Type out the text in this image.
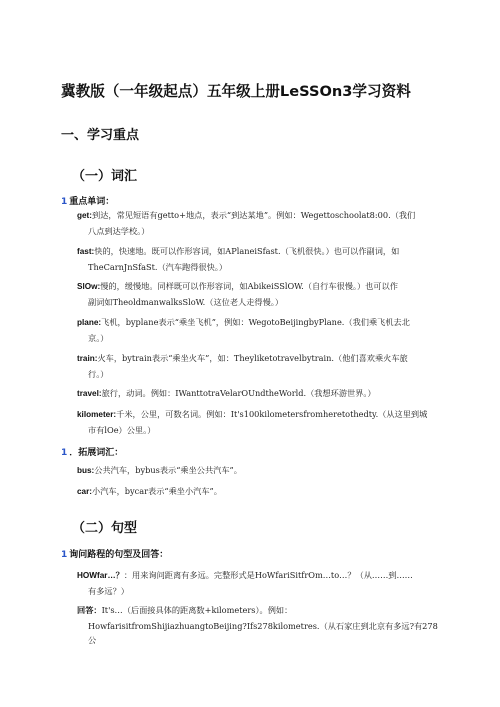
冀教版（一年级起点）五年级上册LeSSOn3学习资料
一、学习重点
（一）词汇
1 重点单词：
get:到达，常见短语有getto+地点，表示“到达某地”。例如：Wegettoschoolat8:00.（我们
八点到达学校。）
fast:快的，快速地。既可以作形容词，如APlaneiSfast.（飞机很快。）也可以作副词，如
TheCarnJnSfaSt.（汽车跑得很快。）
SlOw:慢的，缓慢地。同样既可以作形容词，如AbikeiSSlOW.（自行车很慢。）也可以作
副词如TheoldmanwalksSloW.（这位老人走得慢。）
plane:飞机，byplane表示“乘坐飞机”，例如：WegotoBeijingbyPlane.（我们乘飞机去北
京。）
train:火车，bytrain表示“乘坐火车”，如：Theyliketotravelbytrain.（他们喜欢乘火车旅
行。）
travel:旅行，动词。例如：IWanttotraVelarOUndtheWorld.（我想环游世界。）
kilometer:千米，公里，可数名词。例如：It's100kilometersfromheretothedty.（从这里到城
市有lOe）公里。）
1 ．拓展词汇：
bus:公共汽车，bybus表示“乘坐公共汽车”。
car:小汽车，bycar表示“乘坐小汽车”。
（二）句型
1 询问路程的句型及回答：
HOWfar…？：用来询问距离有多远。完整形式是HoWfariSitfrOm…to…？（从……到……
有多远？）
回答：It's…（后面接具体的距离数+kilometers）。例如：
HowfarisitfromShijiazhuangtoBeijing?Ifs278kilometres.（从石家庄到北京有多远?有278公
